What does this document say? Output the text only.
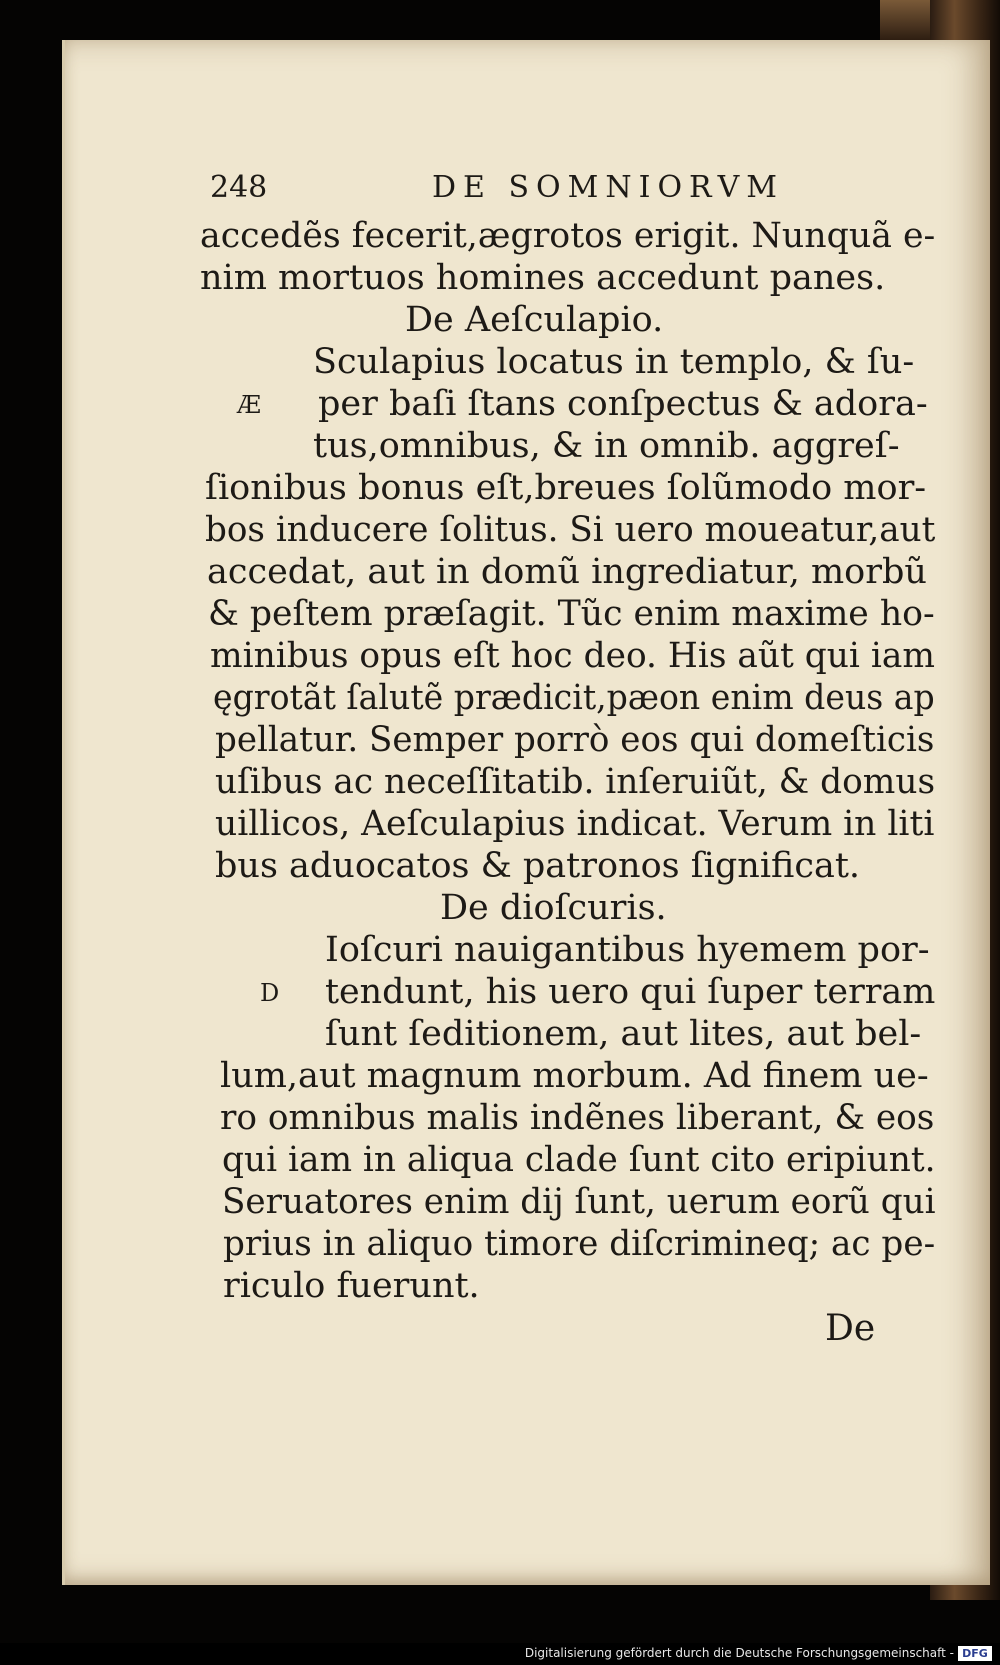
248	DE SOMNIORVM
accedẽs fecerit,ægrotos erigit. Nunquã e-
nim mortuos homines accedunt panes.
De Aeſculapio.
Sculapius locatus in templo, & ſu-
Æ per baſi ſtans conſpectus & adora-
tus,omnibus, & in omnib. aggreſ-
ſionibus bonus eſt,breues ſolũmodo mor-
bos inducere ſolitus. Si uero moueatur,aut
accedat, aut in domũ ingrediatur, morbũ
& peſtem præſagit. Tũc enim maxime ho-
minibus opus eſt hoc deo. His aũt qui iam
ęgrotãt ſalutẽ prædicit,pæon enim deus ap
pellatur. Semper porrò eos qui domeſticis
uſibus ac neceſſitatib. inſeruiũt, & domus
uillicos, Aeſculapius indicat. Verum in liti
bus aduocatos & patronos ſignificat.
De dioſcuris.
Ioſcuri nauigantibus hyemem por-
D tendunt, his uero qui ſuper terram
ſunt ſeditionem, aut lites, aut bel-
lum,aut magnum morbum. Ad finem ue-
ro omnibus malis indẽnes liberant, & eos
qui iam in aliqua clade ſunt cito eripiunt.
Seruatores enim dij ſunt, uerum eorũ qui
prius in aliquo timore diſcrimineq; ac pe-
riculo fuerunt.
De
Digitalisierung gefördert durch die Deutsche Forschungsgemeinschaft - DFG
